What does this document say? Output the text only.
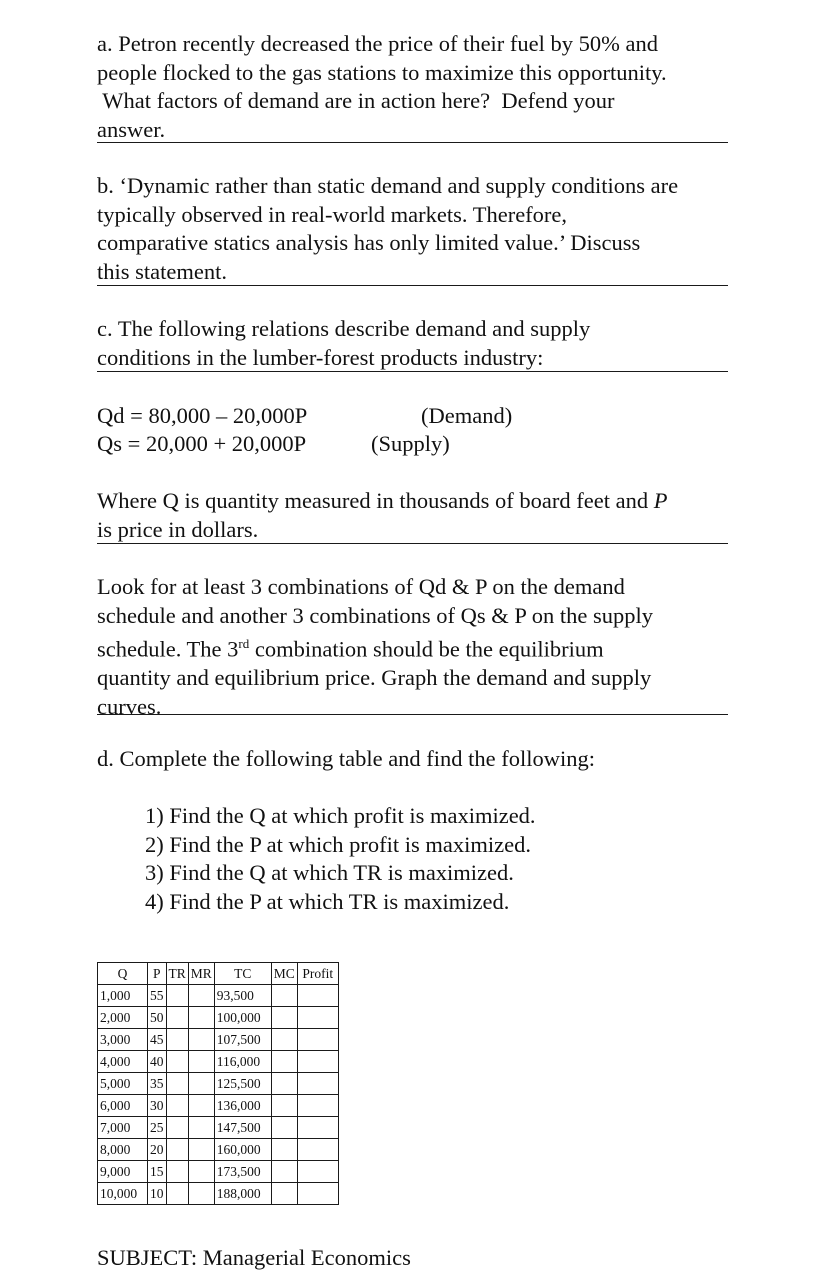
a. Petron recently decreased the price of their fuel by 50% and
people flocked to the gas stations to maximize this opportunity.
What factors of demand are in action here?  Defend your
answer.
b. ‘Dynamic rather than static demand and supply conditions are
typically observed in real-world markets. Therefore,
comparative statics analysis has only limited value.’ Discuss
this statement.
c. The following relations describe demand and supply
conditions in the lumber-forest products industry:
Qd = 80,000 – 20,000P	(Demand)
Qs = 20,000 + 20,000P	(Supply)
Where Q is quantity measured in thousands of board feet and P
is price in dollars.
Look for at least 3 combinations of Qd & P on the demand
schedule and another 3 combinations of Qs & P on the supply
schedule. The 3rd combination should be the equilibrium
quantity and equilibrium price. Graph the demand and supply
curves.
d. Complete the following table and find the following:
1) Find the Q at which profit is maximized.
2) Find the P at which profit is maximized.
3) Find the Q at which TR is maximized.
4) Find the P at which TR is maximized.
Q	P	TR	MR	TC	MC	Profit
1,000	55			93,500		
2,000	50			100,000		
3,000	45			107,500		
4,000	40			116,000		
5,000	35			125,500		
6,000	30			136,000		
7,000	25			147,500		
8,000	20			160,000		
9,000	15			173,500		
10,000	10			188,000		
SUBJECT: Managerial Economics
